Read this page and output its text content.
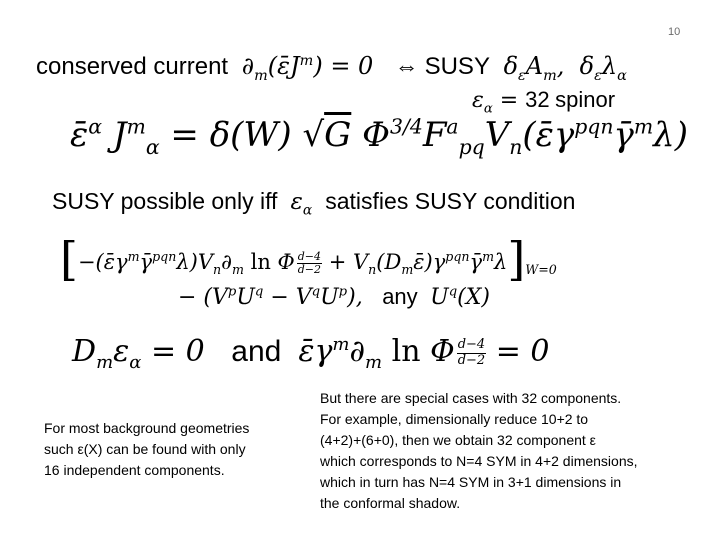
10
conserved current  $\partial_m(\varepsilon̄J^m) = 0$   ⇔ SUSY  $\delta_\varepsilon A_m$,  $\delta_\varepsilon\lambda_\alpha$
$\varepsilon_\alpha = 32$ spinor
ε̄$^\alpha$ $J^m_\alpha = \delta(W)$ √G $\Phi^{3/4}F^a_{pq}V_n(\varepsilon̄\gamma^{pqn}\gammā^m\lambda)$
SUSY possible only iff  $\varepsilon_\alpha$ satisfies SUSY condition
[$-(\varepsilon̄\gamma^m\gammā^{pqn}\lambda)V_n\partial_m$ ln Φ $\frac{d-4}{d-2}$ + $V_n(D_m\varepsilon̄)\gamma^{pqn}\gammā^m\lambda]_{W=0}$
− $(V^pU^q - V^qU^p)$,   any  $U^q(X)$
$D_m\varepsilon_\alpha = 0$   and  $\varepsilon̄\gamma^m\partial_m$ ln Φ $\frac{d-4}{d-2} = 0$
For most background geometries
such ε(X) can be found with only
16 independent components.
But there are special cases with 32 components.
For example, dimensionally reduce 10+2 to
(4+2)+(6+0), then we obtain 32 component ε
which corresponds to N=4 SYM in 4+2 dimensions,
which in turn has N=4 SYM in 3+1 dimensions in
the conformal shadow.
